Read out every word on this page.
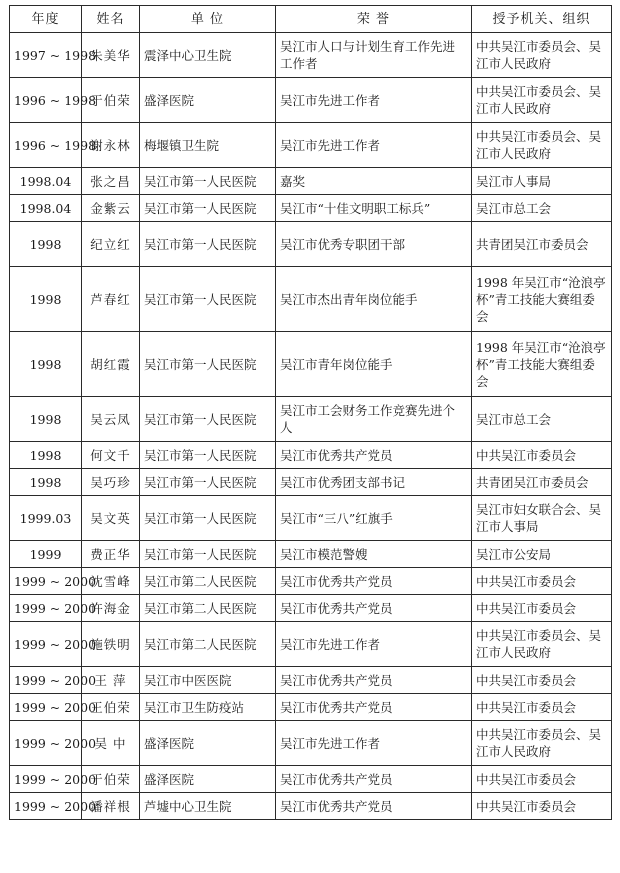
年度	姓名	单 位	荣 誉	授予机关、组织
1997 ~ 1998	朱美华	震泽中心卫生院	吴江市人口与计划生育工作先进工作者	中共吴江市委员会、吴江市人民政府
1996 ~ 1998	于伯荣	盛泽医院	吴江市先进工作者	中共吴江市委员会、吴江市人民政府
1996 ~ 1998	谢永林	梅堰镇卫生院	吴江市先进工作者	中共吴江市委员会、吴江市人民政府
1998.04	张之昌	吴江市第一人民医院	嘉奖	吴江市人事局
1998.04	金紫云	吴江市第一人民医院	吴江市“十佳文明职工标兵”	吴江市总工会
1998	纪立红	吴江市第一人民医院	吴江市优秀专职团干部	共青团吴江市委员会
1998	芦春红	吴江市第一人民医院	吴江市杰出青年岗位能手	1998 年吴江市“沧浪亭杯”青工技能大赛组委会
1998	胡红霞	吴江市第一人民医院	吴江市青年岗位能手	1998 年吴江市“沧浪亭杯”青工技能大赛组委会
1998	吴云凤	吴江市第一人民医院	吴江市工会财务工作竞赛先进个人	吴江市总工会
1998	何文千	吴江市第一人民医院	吴江市优秀共产党员	中共吴江市委员会
1998	吴巧珍	吴江市第一人民医院	吴江市优秀团支部书记	共青团吴江市委员会
1999.03	吴文英	吴江市第一人民医院	吴江市“三八”红旗手	吴江市妇女联合会、吴江市人事局
1999	费正华	吴江市第一人民医院	吴江市模范警嫂	吴江市公安局
1999 ~ 2000	沈雪峰	吴江市第二人民医院	吴江市优秀共产党员	中共吴江市委员会
1999 ~ 2000	许海金	吴江市第二人民医院	吴江市优秀共产党员	中共吴江市委员会
1999 ~ 2000	施铁明	吴江市第二人民医院	吴江市先进工作者	中共吴江市委员会、吴江市人民政府
1999 ~ 2000	王 萍	吴江市中医医院	吴江市优秀共产党员	中共吴江市委员会
1999 ~ 2000	王伯荣	吴江市卫生防疫站	吴江市优秀共产党员	中共吴江市委员会
1999 ~ 2000	吴 中	盛泽医院	吴江市先进工作者	中共吴江市委员会、吴江市人民政府
1999 ~ 2000	于伯荣	盛泽医院	吴江市优秀共产党员	中共吴江市委员会
1999 ~ 2000	潘祥根	芦墟中心卫生院	吴江市优秀共产党员	中共吴江市委员会
